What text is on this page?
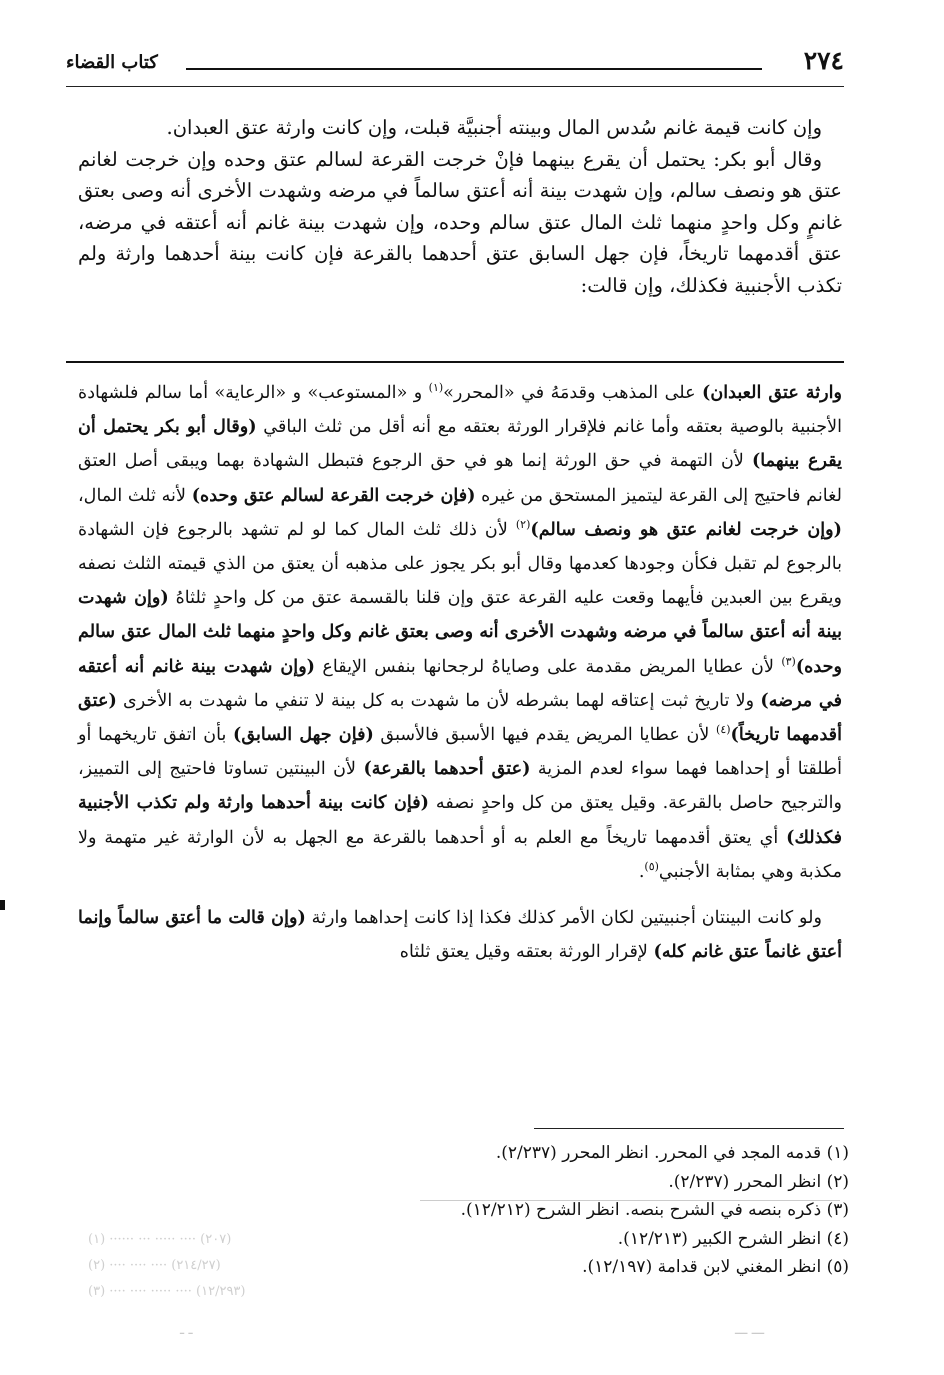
٢٧٤
كتاب القضاء

وإن كانت قيمة غانم سُدس المال وبينته أجنبيَّة قبلت، وإن كانت وارثة عتق العبدان.

وقال أبو بكر: يحتمل أن يقرع بينهما فإنْ خرجت القرعة لسالم عتق وحده وإن خرجت لغانم عتق هو ونصف سالم، وإن شهدت بينة أنه أعتق سالماً في مرضه وشهدت الأخرى أنه وصى بعتق غانمٍ وكل واحدٍ منهما ثلث المال عتق سالم وحده، وإن شهدت بينة غانم أنه أعتقه في مرضه، عتق أقدمهما تاريخاً، فإن جهل السابق عتق أحدهما بالقرعة فإن كانت بينة أحدهما وارثة ولم تكذب الأجنبية فكذلك، وإن قالت:

وارثة عتق العبدان) على المذهب وقدمَهُ في «المحرر»$^{(١)}$ و «المستوعب» و «الرعاية» أما سالم فلشهادة الأجنبية بالوصية بعتقه وأما غانم فلإقرار الورثة بعتقه مع أنه أقل من ثلث الباقي (وقال أبو بكر يحتمل أن يقرع بينهما) لأن التهمة في حق الورثة إنما هو في حق الرجوع فتبطل الشهادة بهما ويبقى أصل العتق لغانم فاحتيج إلى القرعة ليتميز المستحق من غيره (فإن خرجت القرعة لسالم عتق وحده) لأنه ثلث المال، (وإن خرجت لغانم عتق هو ونصف سالم)$^{(٢)}$ لأن ذلك ثلث المال كما لو لم تشهد بالرجوع فإن الشهادة بالرجوع لم تقبل فكأن وجودها كعدمها وقال أبو بكر يجوز على مذهبه أن يعتق من الذي قيمته الثلث نصفه ويقرع بين العبدين فأيهما وقعت عليه القرعة عتق وإن قلنا بالقسمة عتق من كل واحدٍ ثلثاهُ (وإن شهدت بينة أنه أعتق سالماً في مرضه وشهدت الأخرى أنه وصى بعتق غانم وكل واحدٍ منهما ثلث المال عتق سالم وحده)$^{(٣)}$ لأن عطايا المريض مقدمة على وصاياهُ لرجحانها بنفس الإيقاع (وإن شهدت بينة غانم أنه أعتقه في مرضه) ولا تاريخ ثبت إعتاقه لهما بشرطه لأن ما شهدت به كل بينة لا تنفي ما شهدت به الأخرى (عتق أقدمهما تاريخاً)$^{(٤)}$ لأن عطايا المريض يقدم فيها الأسبق فالأسبق (فإن جهل السابق) بأن اتفق تاريخهما أو أطلقتا أو إحداهما فهما سواء لعدم المزية (عتق أحدهما بالقرعة) لأن البينتين تساوتا فاحتيج إلى التمييز، والترجيح حاصل بالقرعة. وقيل يعتق من كل واحدٍ نصفه (فإن كانت بينة أحدهما وارثة ولم تكذب الأجنبية فكذلك) أي يعتق أقدمهما تاريخاً مع العلم به أو أحدهما بالقرعة مع الجهل به لأن الوارثة غير متهمة ولا مكذبة وهي بمثابة الأجنبي$^{(٥)}$.

ولو كانت البينتان أجنبيتين لكان الأمر كذلك فكذا إذا كانت إحداهما وارثة (وإن قالت ما أعتق سالماً وإنما أعتق غانماً عتق غانم كله) لإقرار الورثة بعتقه وقيل يعتق ثلثاه

(١) قدمه المجد في المحرر. انظر المحرر (٢/٢٣٧).
(٢) انظر المحرر (٢/٢٣٧).
(٣) ذكره بنصه في الشرح بنصه. انظر الشرح (١٢/٢١٢).
(٤) انظر الشرح الكبير (١٢/٢١٣).
(٥) انظر المغني لابن قدامة (١٢/١٩٧).
(١) ······ ··· ····· ···· (٢٠٧)
(٢) ···· ···· ···· (٢١٤/٢٧)
(٣) ···· ···· ····· ···· (١٢/٢٩٣)
ـ ـ	ـــ ـــ
